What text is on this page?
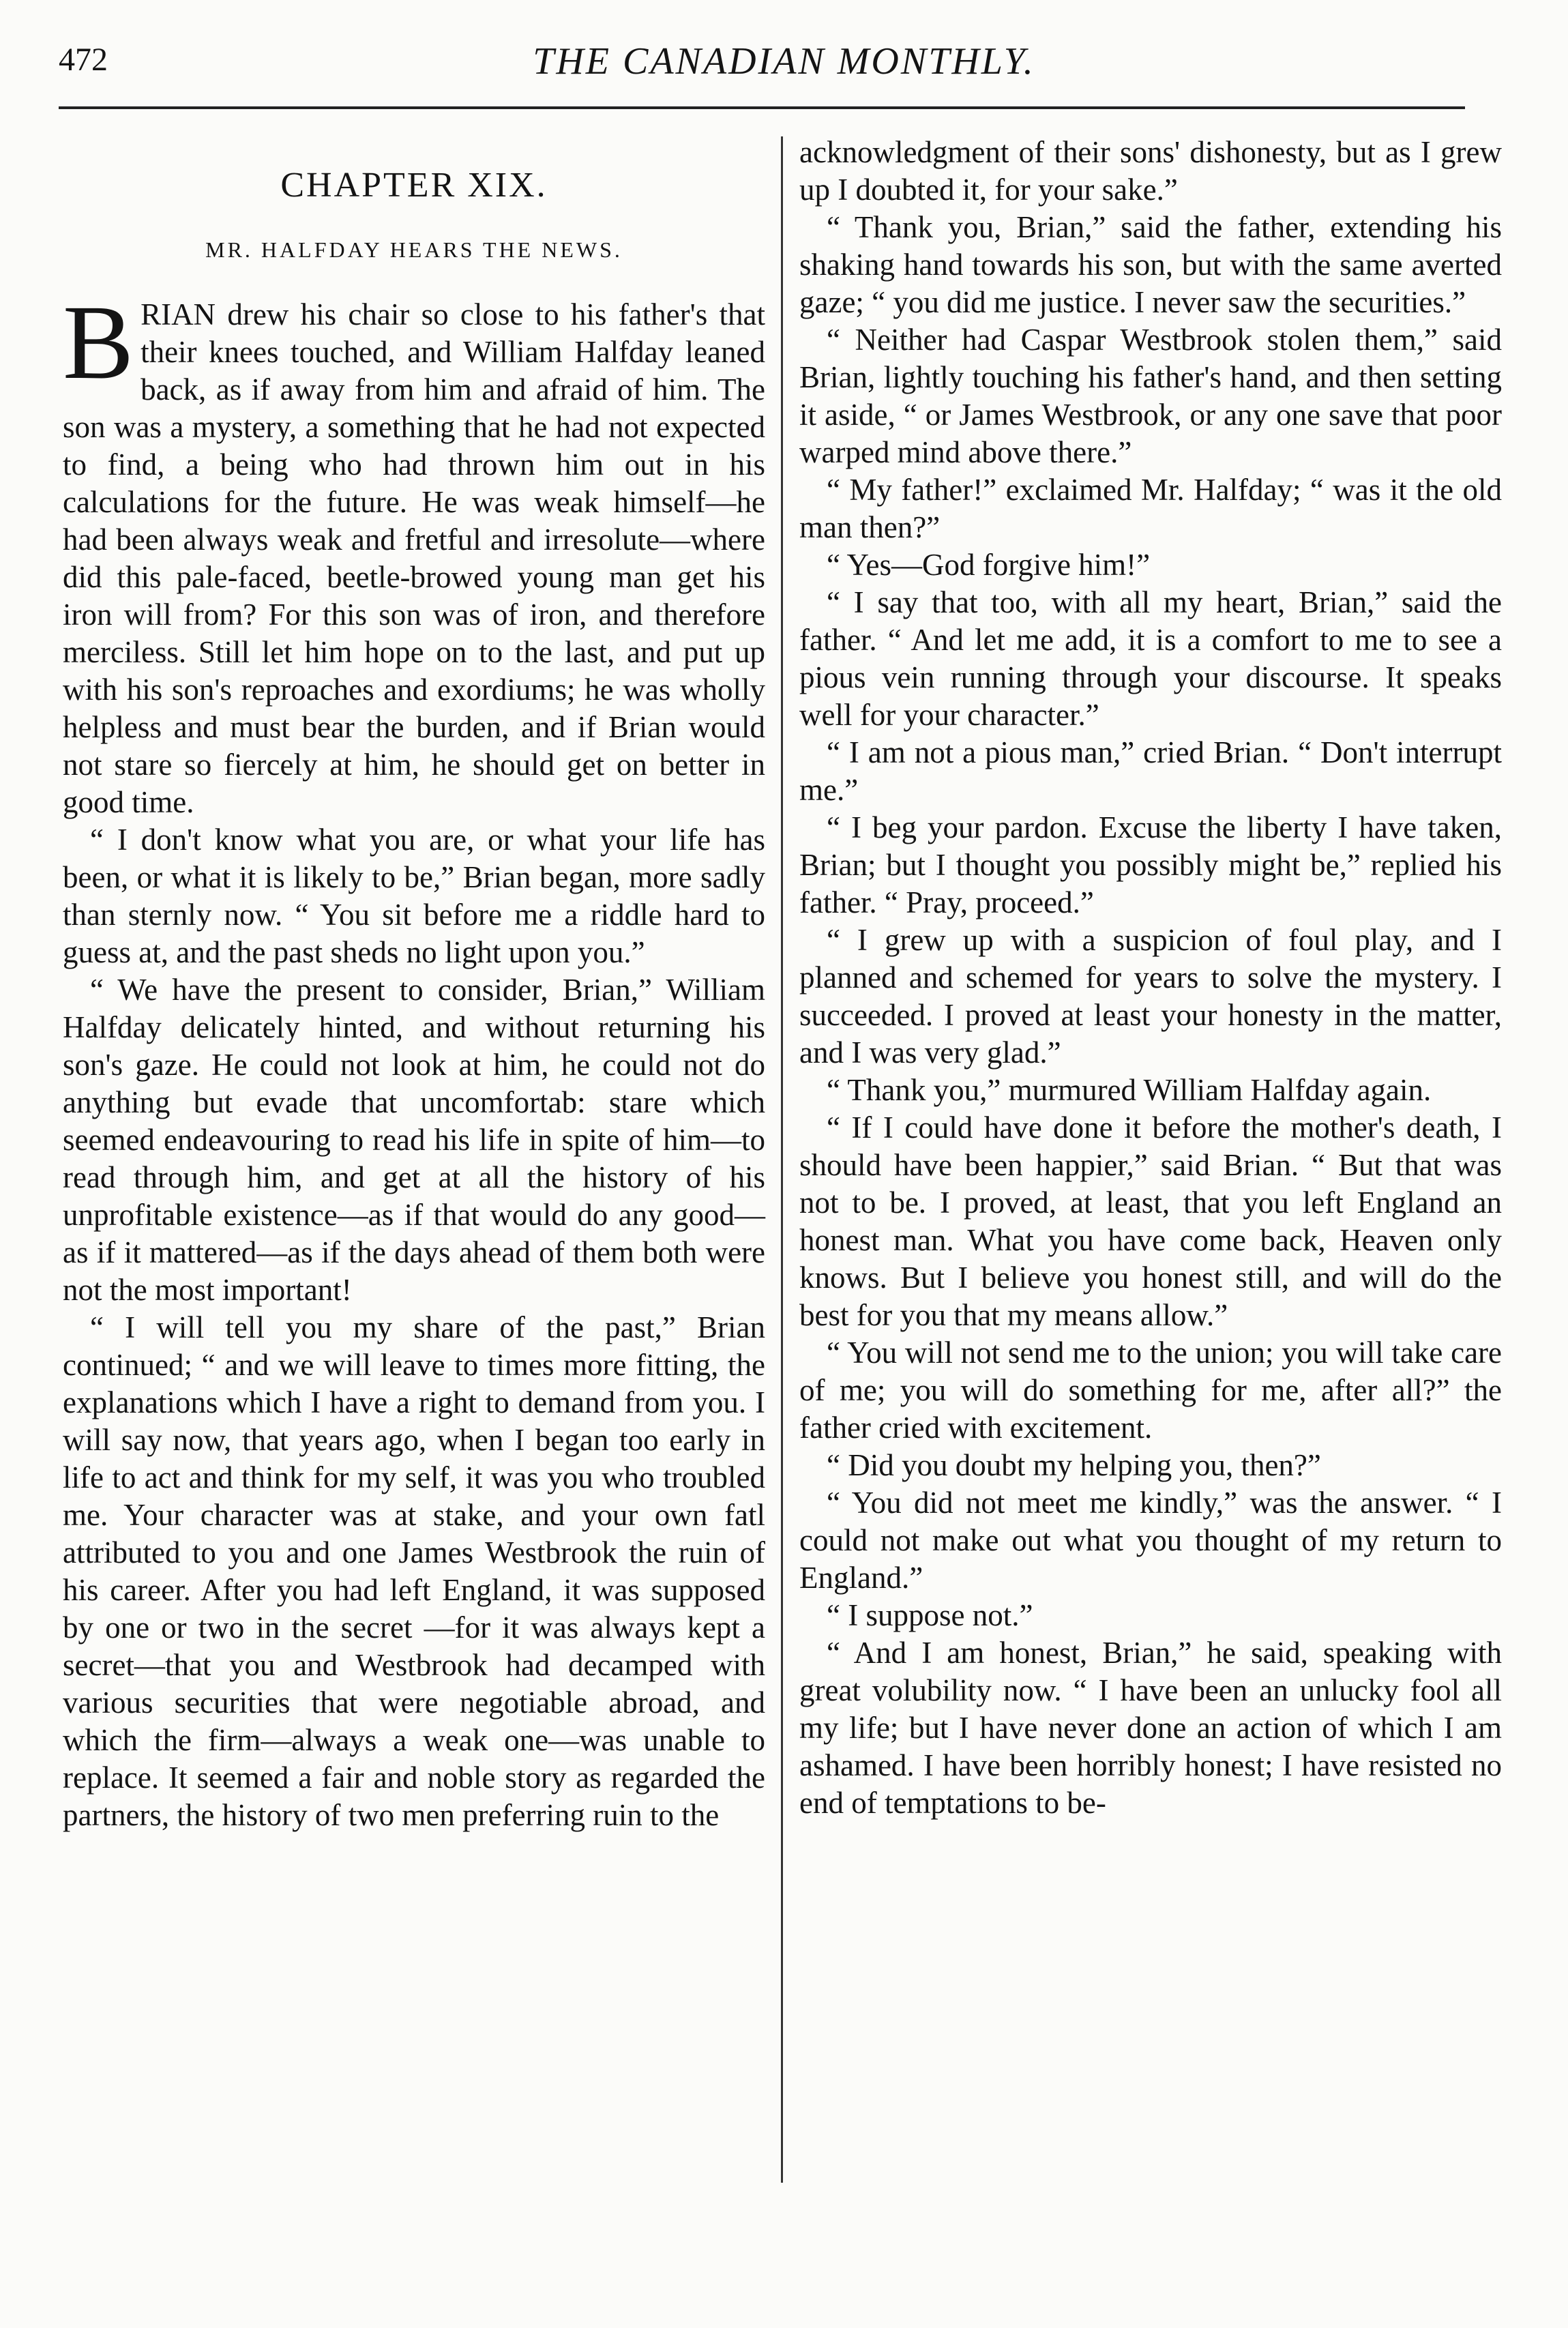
472	THE CANADIAN MONTHLY.
CHAPTER XIX.
MR. HALFDAY HEARS THE NEWS.

BRIAN drew his chair so close to his father's that their knees touched, and William Halfday leaned back, as if away from him and afraid of him. The son was a mystery, a something that he had not expected to find, a being who had thrown him out in his calculations for the future. He was weak himself—he had been always weak and fretful and irresolute—where did this pale-faced, beetle-browed young man get his iron will from? For this son was of iron, and therefore merciless. Still let him hope on to the last, and put up with his son's reproaches and exordiums; he was wholly helpless and must bear the burden, and if Brian would not stare so fiercely at him, he should get on better in good time.

“ I don't know what you are, or what your life has been, or what it is likely to be,” Brian began, more sadly than sternly now. “ You sit before me a riddle hard to guess at, and the past sheds no light upon you.”

“ We have the present to consider, Brian,” William Halfday delicately hinted, and without returning his son's gaze. He could not look at him, he could not do anything but evade that uncomfortab: stare which seemed endeavouring to read his life in spite of him—to read through him, and get at all the history of his unprofitable existence—as if that would do any good—as if it mattered—as if the days ahead of them both were not the most important!

“ I will tell you my share of the past,” Brian continued; “ and we will leave to times more fitting, the explanations which I have a right to demand from you. I will say now, that years ago, when I began too early in life to act and think for my self, it was you who troubled me. Your character was at stake, and your own fatl attributed to you and one James Westbrook the ruin of his career. After you had left England, it was supposed by one or two in the secret —for it was always kept a secret—that you and Westbrook had decamped with various securities that were negotiable abroad, and which the firm—always a weak one—was unable to replace. It seemed a fair and noble story as regarded the partners, the history of two men preferring ruin to the

acknowledgment of their sons' dishonesty, but as I grew up I doubted it, for your sake.”

“ Thank you, Brian,” said the father, extending his shaking hand towards his son, but with the same averted gaze; “ you did me justice. I never saw the securities.”

“ Neither had Caspar Westbrook stolen them,” said Brian, lightly touching his father's hand, and then setting it aside, “ or James Westbrook, or any one save that poor warped mind above there.”

“ My father!” exclaimed Mr. Halfday; “ was it the old man then?”

“ Yes—God forgive him!”

“ I say that too, with all my heart, Brian,” said the father. “ And let me add, it is a comfort to me to see a pious vein running through your discourse. It speaks well for your character.”

“ I am not a pious man,” cried Brian. “ Don't interrupt me.”

“ I beg your pardon. Excuse the liberty I have taken, Brian; but I thought you possibly might be,” replied his father. “ Pray, proceed.”

“ I grew up with a suspicion of foul play, and I planned and schemed for years to solve the mystery. I succeeded. I proved at least your honesty in the matter, and I was very glad.”

“ Thank you,” murmured William Halfday again.

“ If I could have done it before the mother's death, I should have been happier,” said Brian. “ But that was not to be. I proved, at least, that you left England an honest man. What you have come back, Heaven only knows. But I believe you honest still, and will do the best for you that my means allow.”

“ You will not send me to the union; you will take care of me; you will do something for me, after all?” the father cried with excitement.

“ Did you doubt my helping you, then?”

“ You did not meet me kindly,” was the answer. “ I could not make out what you thought of my return to England.”

“ I suppose not.”

“ And I am honest, Brian,” he said, speaking with great volubility now. “ I have been an unlucky fool all my life; but I have never done an action of which I am ashamed. I have been horribly honest; I have resisted no end of temptations to be-
